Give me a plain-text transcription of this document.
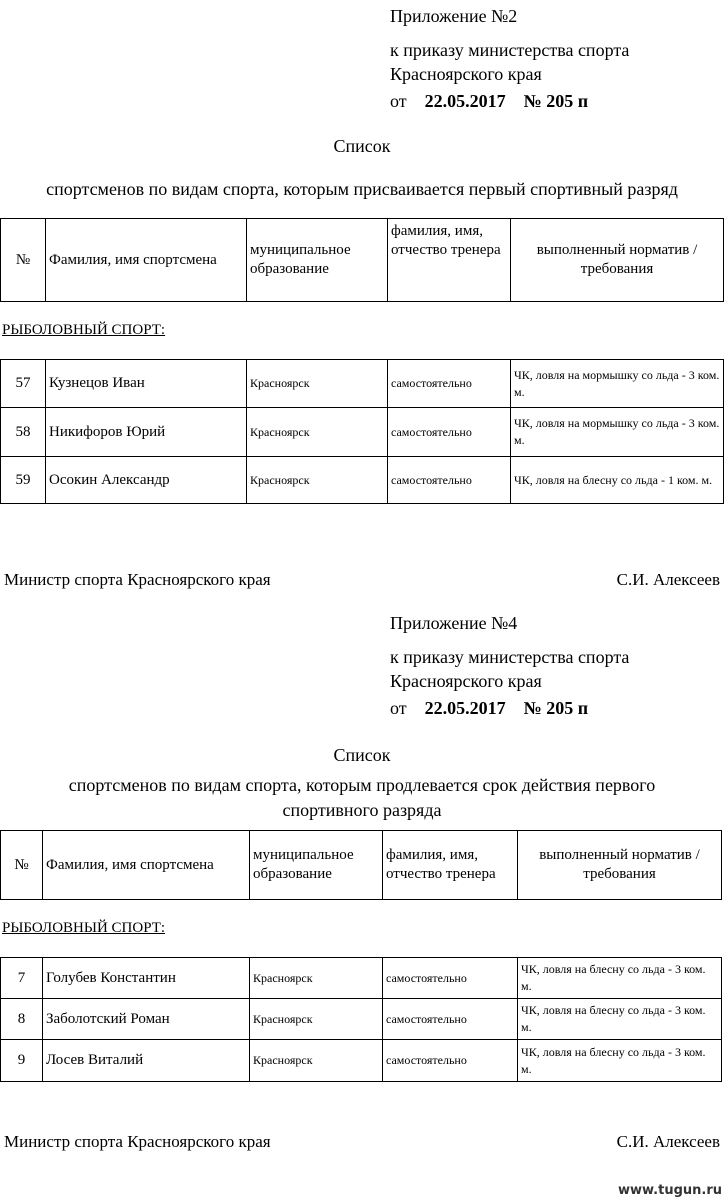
Приложение №2
к приказу министерства спорта
Красноярского края
от 22.05.2017 № 205 п
Список
спортсменов по видам спорта, которым присваивается первый спортивный разряд
№	Фамилия, имя спортсмена	муниципальное образование	фамилия, имя, отчество тренера	выполненный норматив /требования
РЫБОЛОВНЫЙ СПОРТ:
57	Кузнецов Иван	Красноярск	самостоятельно	ЧК, ловля на мормышку со льда - 3 ком. м.
58	Никифоров Юрий	Красноярск	самостоятельно	ЧК, ловля на мормышку со льда - 3 ком. м.
59	Осокин Александр	Красноярск	самостоятельно	ЧК, ловля на блесну со льда - 1 ком. м.
Министр спорта Красноярского края	С.И. Алексеев
Приложение №4
к приказу министерства спорта
Красноярского края
от 22.05.2017 № 205 п
Список
спортсменов по видам спорта, которым продлевается срок действия первого
спортивного разряда
№	Фамилия, имя спортсмена	муниципальное образование	фамилия, имя, отчество тренера	выполненный норматив /требования
РЫБОЛОВНЫЙ СПОРТ:
7	Голубев Константин	Красноярск	самостоятельно	ЧК, ловля на блесну со льда - 3 ком. м.
8	Заболотский Роман	Красноярск	самостоятельно	ЧК, ловля на блесну со льда - 3 ком. м.
9	Лосев Виталий	Красноярск	самостоятельно	ЧК, ловля на блесну со льда - 3 ком. м.
Министр спорта Красноярского края	С.И. Алексеев
www.tugun.ru
